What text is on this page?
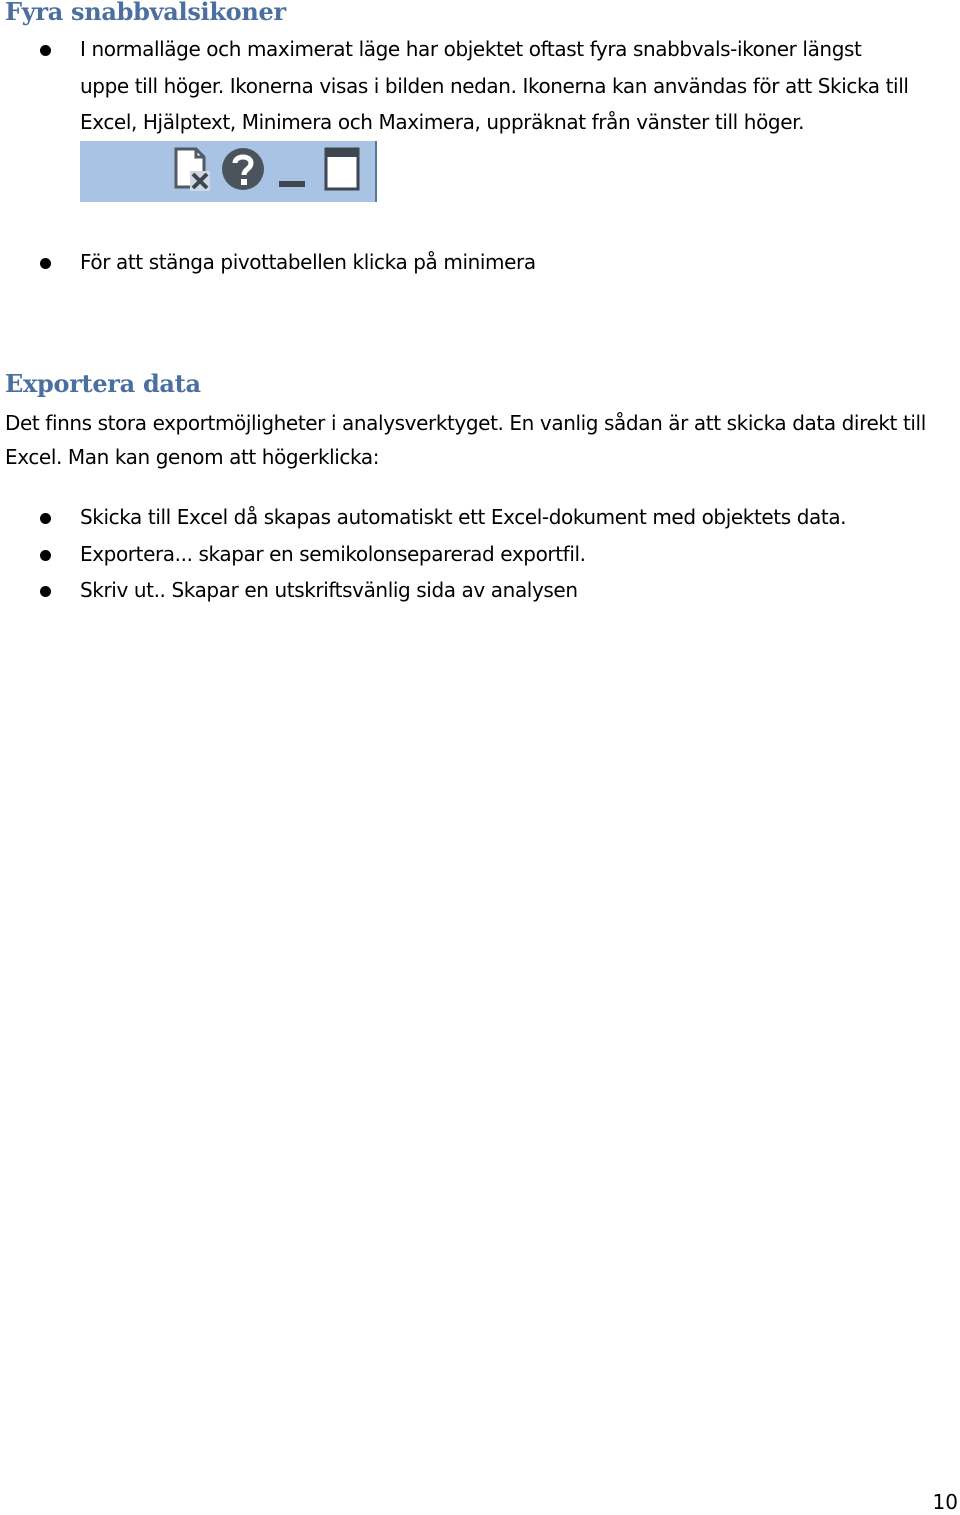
Fyra snabbvalsikoner
I normalläge och maximerat läge har objektet oftast fyra snabbvals-ikoner längst
uppe till höger. Ikonerna visas i bilden nedan. Ikonerna kan användas för att Skicka till
Excel, Hjälptext, Minimera och Maximera, uppräknat från vänster till höger.
För att stänga pivottabellen klicka på minimera
Exportera data

Det finns stora exportmöjligheter i analysverktyget. En vanlig sådan är att skicka data direkt till Excel. Man kan genom att högerklicka:

Skicka till Excel då skapas automatiskt ett Excel-dokument med objektets data.
Exportera... skapar en semikolonseparerad exportfil.
Skriv ut.. Skapar en utskriftsvänlig sida av analysen
10
